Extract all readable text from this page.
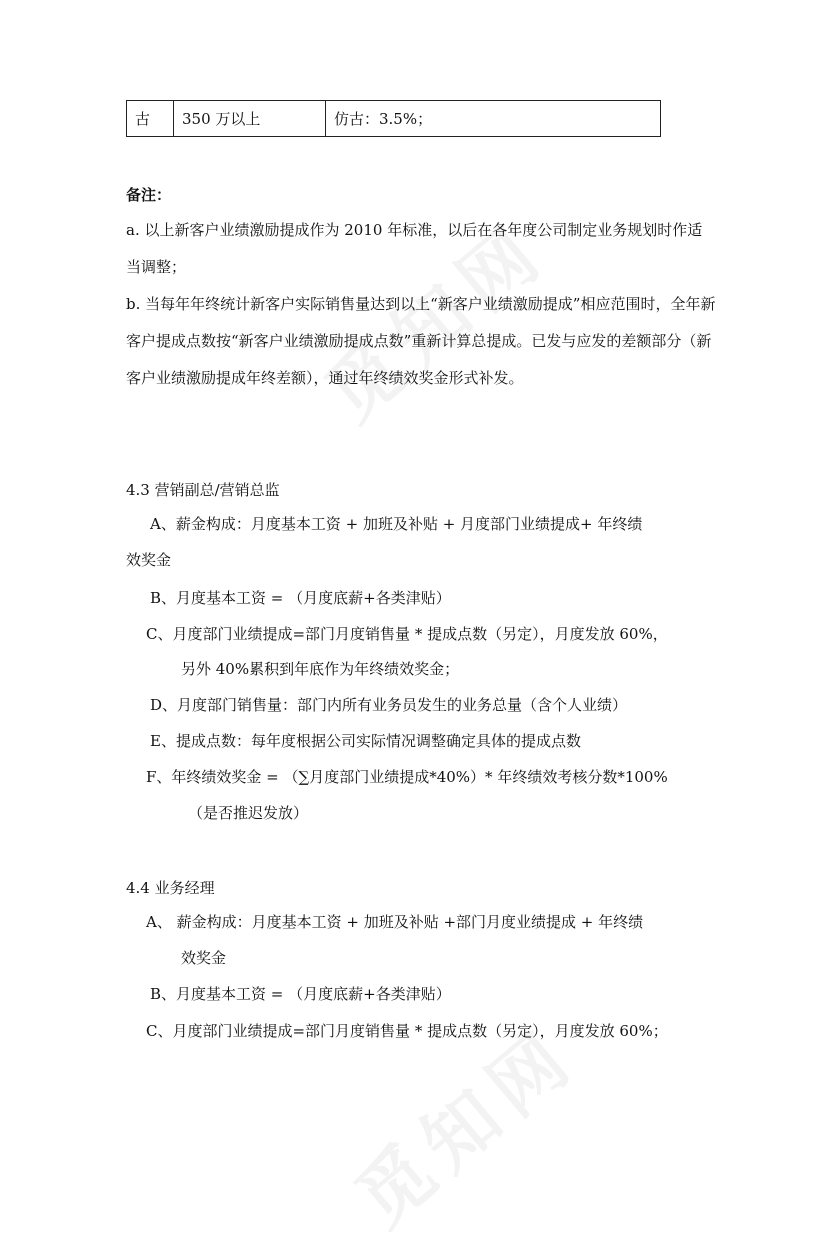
古	350 万以上	仿古：3.5%；
备注：
a. 以上新客户业绩激励提成作为 2010 年标准，以后在各年度公司制定业务规划时作适当调整；
b. 当每年年终统计新客户实际销售量达到以上“新客户业绩激励提成”相应范围时，全年新客户提成点数按“新客户业绩激励提成点数”重新计算总提成。已发与应发的差额部分（新客户业绩激励提成年终差额），通过年终绩效奖金形式补发。
4.3 营销副总/营销总监
A、薪金构成：月度基本工资 + 加班及补贴 + 月度部门业绩提成+ 年终绩
效奖金
B、月度基本工资 = （月度底薪+各类津贴）
C、月度部门业绩提成=部门月度销售量 * 提成点数（另定），月度发放 60%，
另外 40%累积到年底作为年终绩效奖金；
D、月度部门销售量：部门内所有业务员发生的业务总量（含个人业绩）
E、提成点数：每年度根据公司实际情况调整确定具体的提成点数
F、年终绩效奖金 = （∑月度部门业绩提成*40%）* 年终绩效考核分数*100%
（是否推迟发放）
4.4 业务经理
A、 薪金构成：月度基本工资 + 加班及补贴 +部门月度业绩提成 + 年终绩
效奖金
B、月度基本工资 = （月度底薪+各类津贴）
C、月度部门业绩提成=部门月度销售量 * 提成点数（另定），月度发放 60%；
